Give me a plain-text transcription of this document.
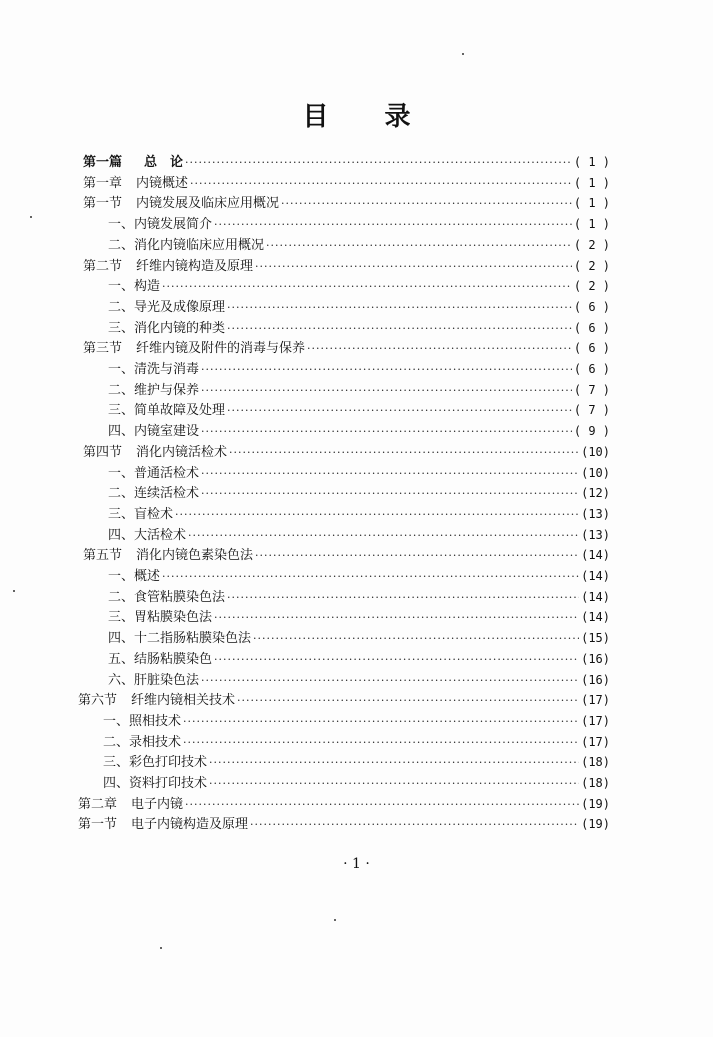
目 录
第一篇 总　论 ·····	( 1 )
第一章 内镜概述 ·····	( 1 )
第一节 内镜发展及临床应用概况 ·····	( 1 )
一、内镜发展简介 ·····	( 1 )
二、消化内镜临床应用概况 ·····	( 2 )
第二节 纤维内镜构造及原理 ·····	( 2 )
一、构造 ·····	( 2 )
二、导光及成像原理 ·····	( 6 )
三、消化内镜的种类 ·····	( 6 )
第三节 纤维内镜及附件的消毒与保养 ·····	( 6 )
一、清洗与消毒 ·····	( 6 )
二、维护与保养 ·····	( 7 )
三、简单故障及处理 ·····	( 7 )
四、内镜室建设 ·····	( 9 )
第四节 消化内镜活检术 ·····	(10)
一、普通活检术 ·····	(10)
二、连续活检术 ·····	(12)
三、盲检术 ·····	(13)
四、大活检术 ·····	(13)
第五节 消化内镜色素染色法 ·····	(14)
一、概述 ·····	(14)
二、食管粘膜染色法 ·····	(14)
三、胃粘膜染色法 ·····	(14)
四、十二指肠粘膜染色法 ·····	(15)
五、结肠粘膜染色 ·····	(16)
六、肝脏染色法 ·····	(16)
第六节 纤维内镜相关技术 ·····	(17)
一、照相技术 ·····	(17)
二、录相技术 ·····	(17)
三、彩色打印技术 ·····	(18)
四、资料打印技术 ·····	(18)
第二章 电子内镜 ·····	(19)
第一节 电子内镜构造及原理 ·····	(19)
· 1 ·
